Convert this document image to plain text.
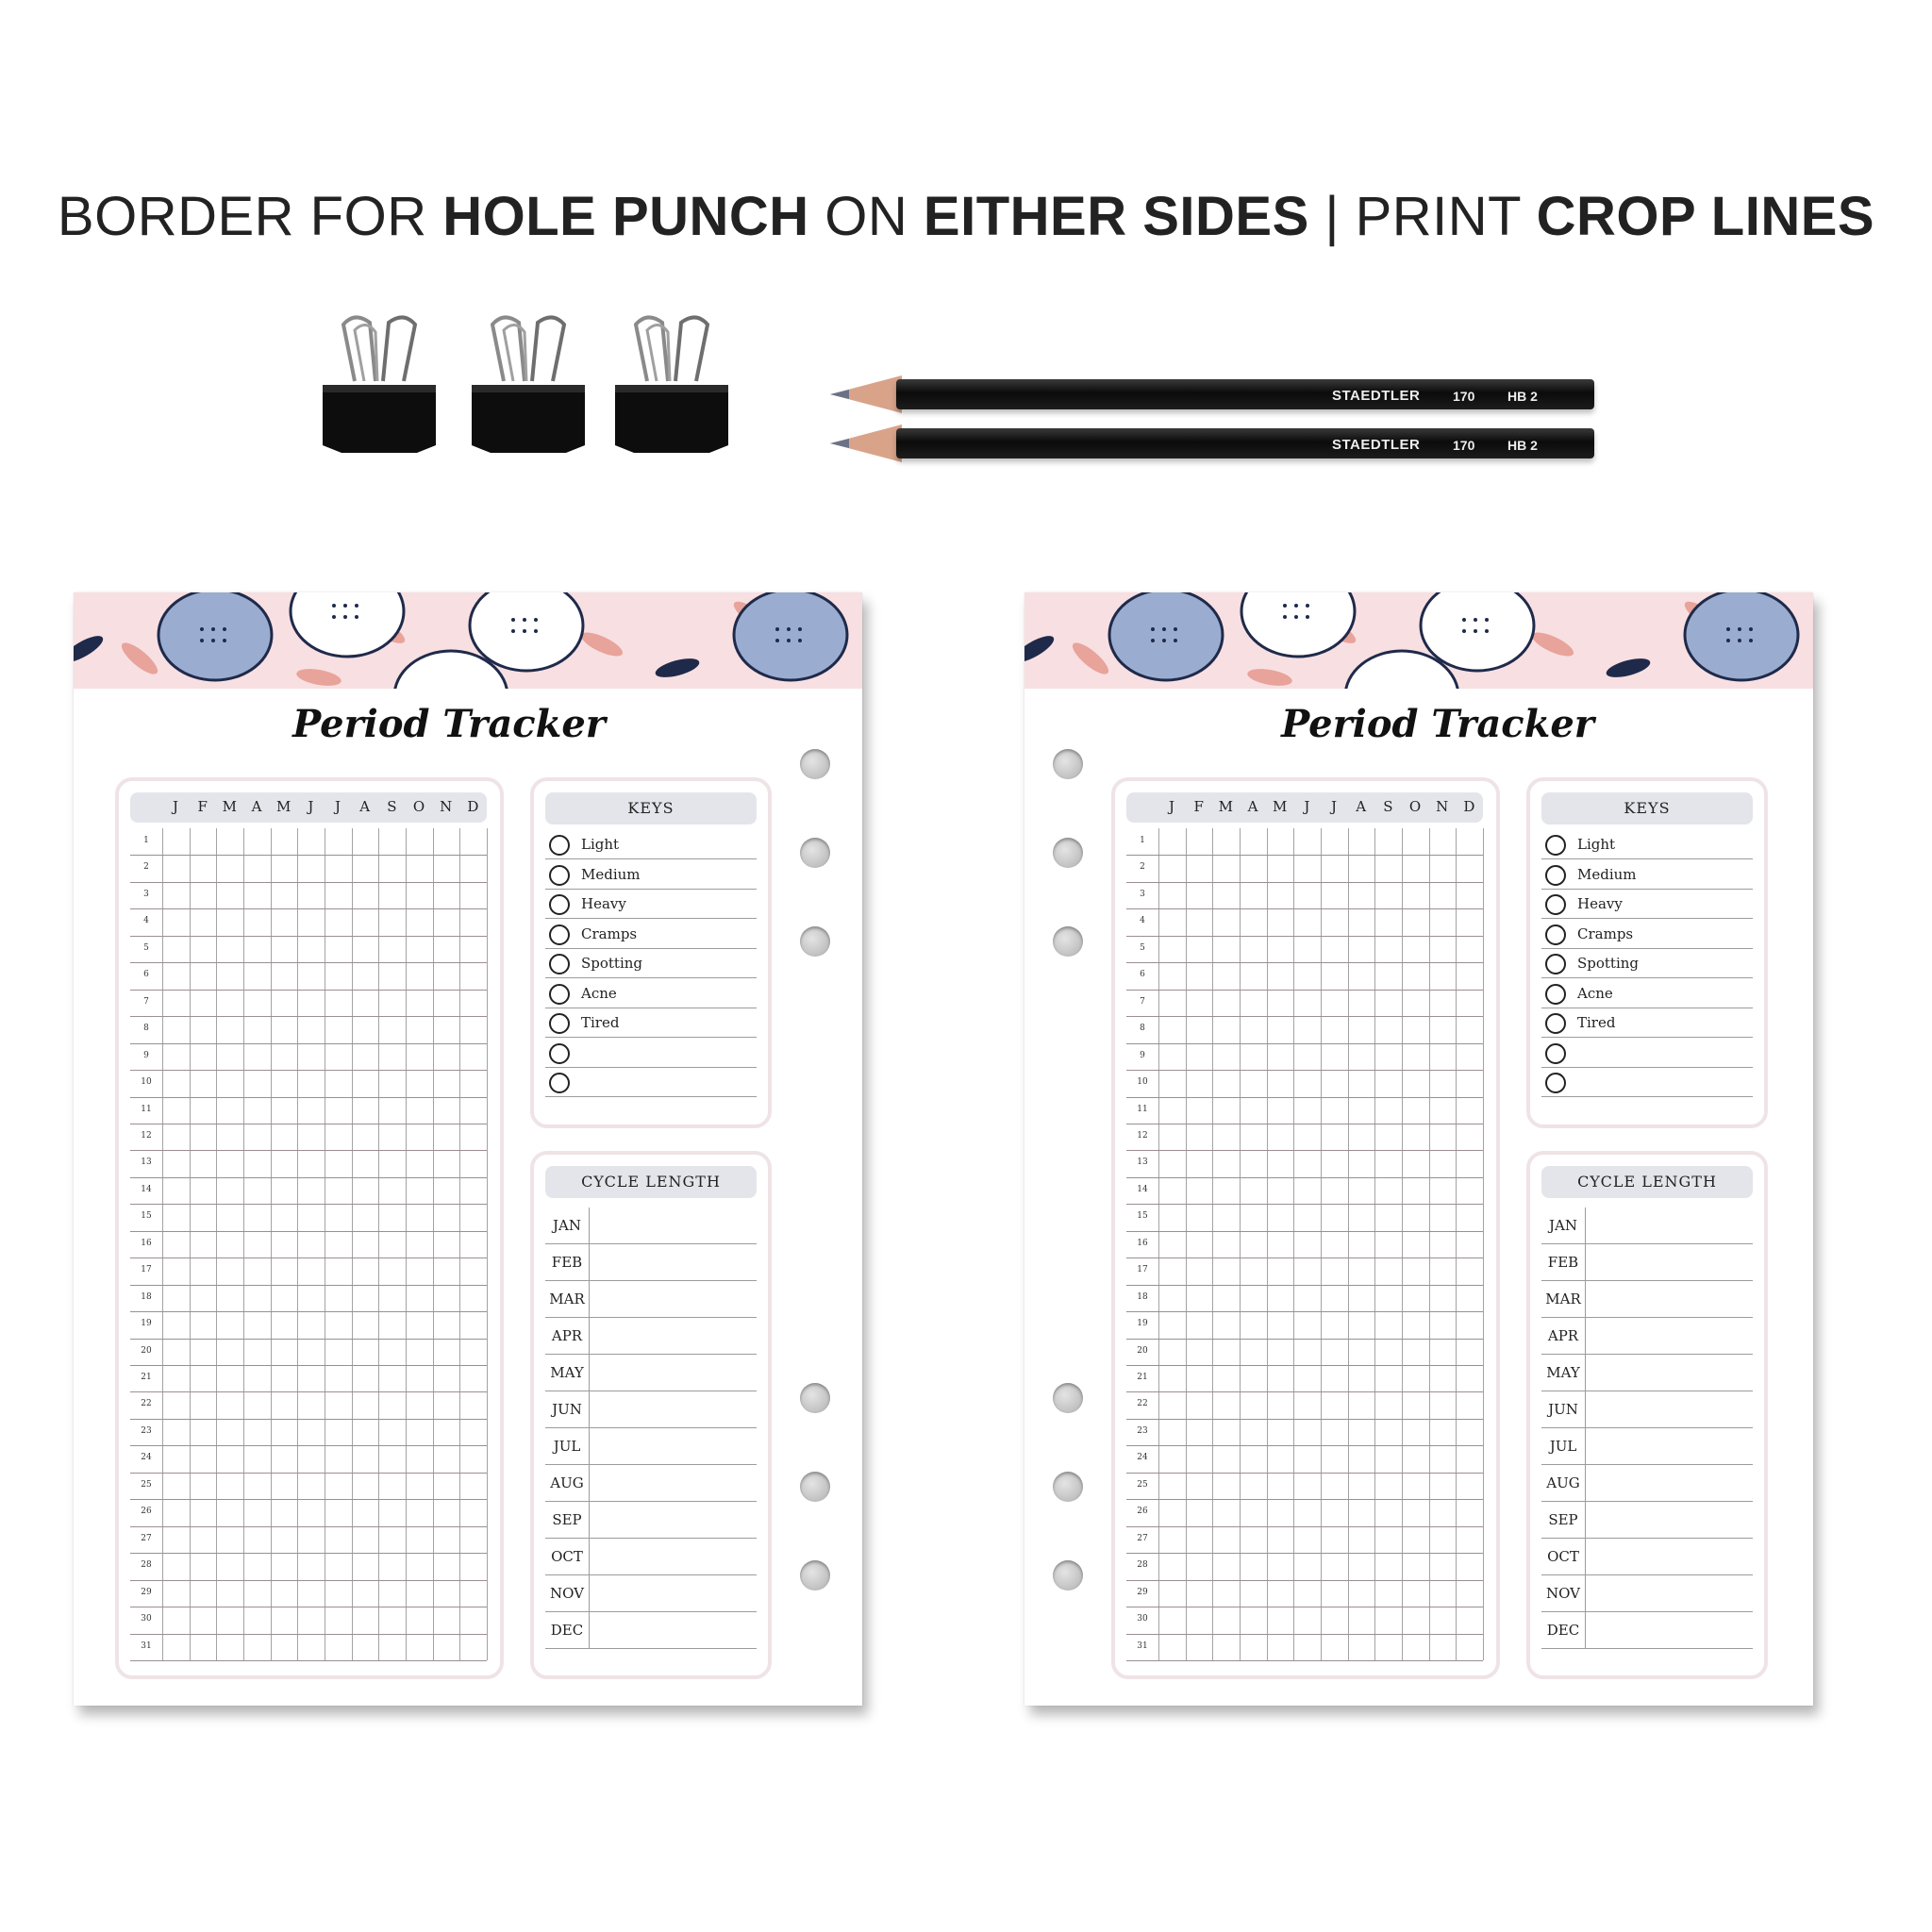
BORDER FOR HOLE PUNCH ON EITHER SIDES | PRINT CROP LINES
STAEDTLER 170 HB 2
STAEDTLER 170 HB 2
Period Tracker
J	F	M	A	M	J	J	A	S	O	N	D
1
2
3
4
5
6
7
8
9
10
11
12
13
14
15
16
17
18
19
20
21
22
23
24
25
26
27
28
29
30
31
KEYS
Light
Medium
Heavy
Cramps
Spotting
Acne
Tired
CYCLE LENGTH
JAN
FEB
MAR
APR
MAY
JUN
JUL
AUG
SEP
OCT
NOV
DEC
Period Tracker
J	F	M	A	M	J	J	A	S	O	N	D
1
2
3
4
5
6
7
8
9
10
11
12
13
14
15
16
17
18
19
20
21
22
23
24
25
26
27
28
29
30
31
KEYS
Light
Medium
Heavy
Cramps
Spotting
Acne
Tired
CYCLE LENGTH
JAN
FEB
MAR
APR
MAY
JUN
JUL
AUG
SEP
OCT
NOV
DEC
